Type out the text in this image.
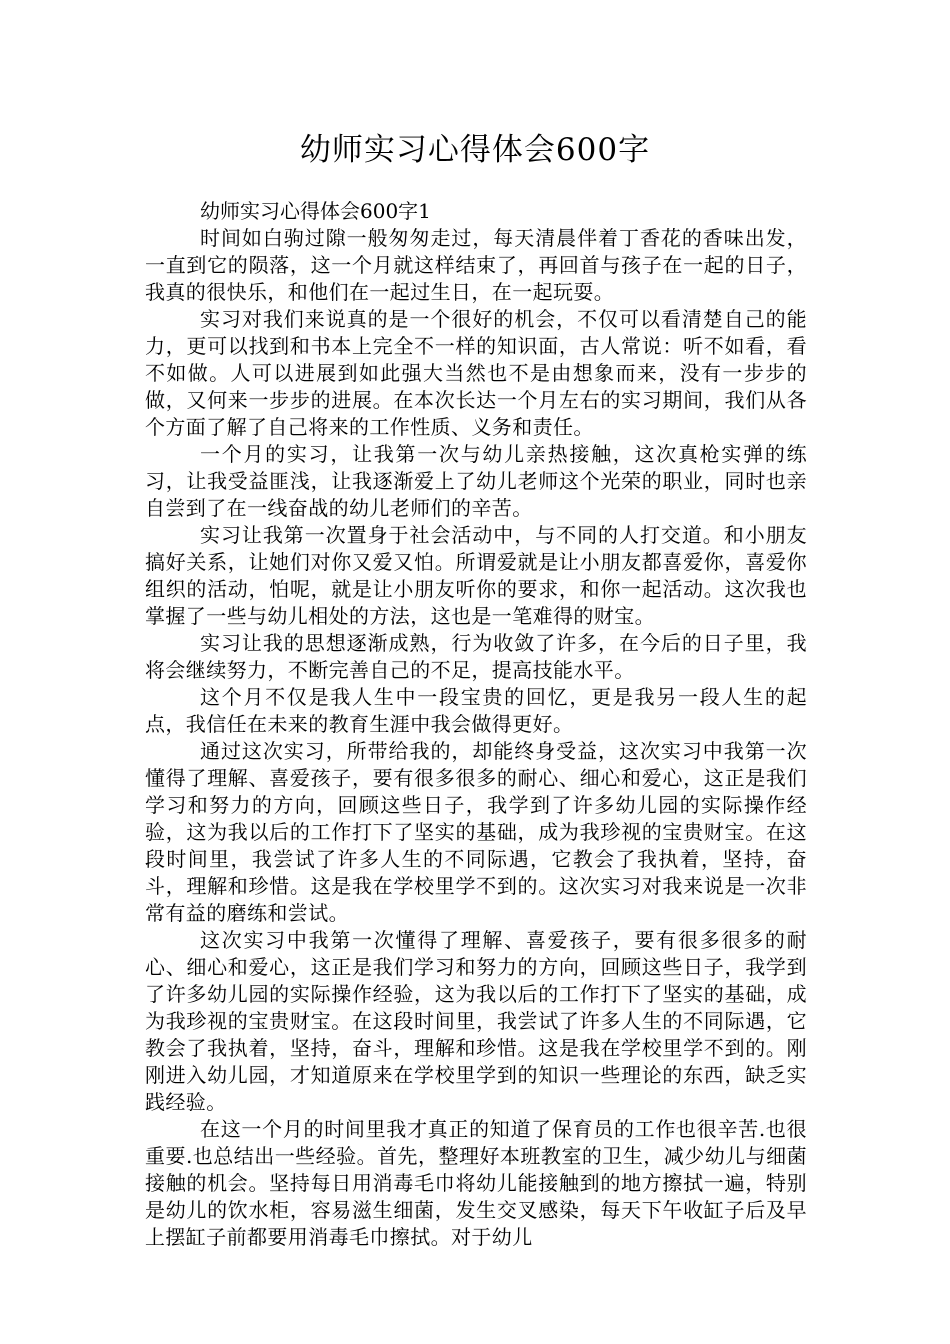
幼师实习心得体会600字

幼师实习心得体会600字1

时间如白驹过隙一般匆匆走过，每天清晨伴着丁香花的香味出发，一直到它的陨落，这一个月就这样结束了，再回首与孩子在一起的日子，我真的很快乐，和他们在一起过生日，在一起玩耍。

实习对我们来说真的是一个很好的机会，不仅可以看清楚自己的能力，更可以找到和书本上完全不一样的知识面，古人常说：听不如看，看不如做。人可以进展到如此强大当然也不是由想象而来，没有一步步的做，又何来一步步的进展。在本次长达一个月左右的实习期间，我们从各个方面了解了自己将来的工作性质、义务和责任。

一个月的实习，让我第一次与幼儿亲热接触，这次真枪实弹的练习，让我受益匪浅，让我逐渐爱上了幼儿老师这个光荣的职业，同时也亲自尝到了在一线奋战的幼儿老师们的辛苦。

实习让我第一次置身于社会活动中，与不同的人打交道。和小朋友搞好关系，让她们对你又爱又怕。所谓爱就是让小朋友都喜爱你，喜爱你组织的活动，怕呢，就是让小朋友听你的要求，和你一起活动。这次我也掌握了一些与幼儿相处的方法，这也是一笔难得的财宝。

实习让我的思想逐渐成熟，行为收敛了许多，在今后的日子里，我将会继续努力，不断完善自己的不足，提高技能水平。

这个月不仅是我人生中一段宝贵的回忆，更是我另一段人生的起点，我信任在未来的教育生涯中我会做得更好。

通过这次实习，所带给我的，却能终身受益，这次实习中我第一次懂得了理解、喜爱孩子，要有很多很多的耐心、细心和爱心，这正是我们学习和努力的方向，回顾这些日子，我学到了许多幼儿园的实际操作经验，这为我以后的工作打下了坚实的基础，成为我珍视的宝贵财宝。在这段时间里，我尝试了许多人生的不同际遇，它教会了我执着，坚持，奋斗，理解和珍惜。这是我在学校里学不到的。这次实习对我来说是一次非常有益的磨练和尝试。

这次实习中我第一次懂得了理解、喜爱孩子，要有很多很多的耐心、细心和爱心，这正是我们学习和努力的方向，回顾这些日子，我学到了许多幼儿园的实际操作经验，这为我以后的工作打下了坚实的基础，成为我珍视的宝贵财宝。在这段时间里，我尝试了许多人生的不同际遇，它教会了我执着，坚持，奋斗，理解和珍惜。这是我在学校里学不到的。刚刚进入幼儿园，才知道原来在学校里学到的知识一些理论的东西，缺乏实践经验。

在这一个月的时间里我才真正的知道了保育员的工作也很辛苦.也很重要.也总结出一些经验。首先，整理好本班教室的卫生，减少幼儿与细菌接触的机会。坚持每日用消毒毛巾将幼儿能接触到的地方擦拭一遍，特别是幼儿的饮水柜，容易滋生细菌，发生交叉感染，每天下午收缸子后及早上摆缸子前都要用消毒毛巾擦拭。对于幼儿
